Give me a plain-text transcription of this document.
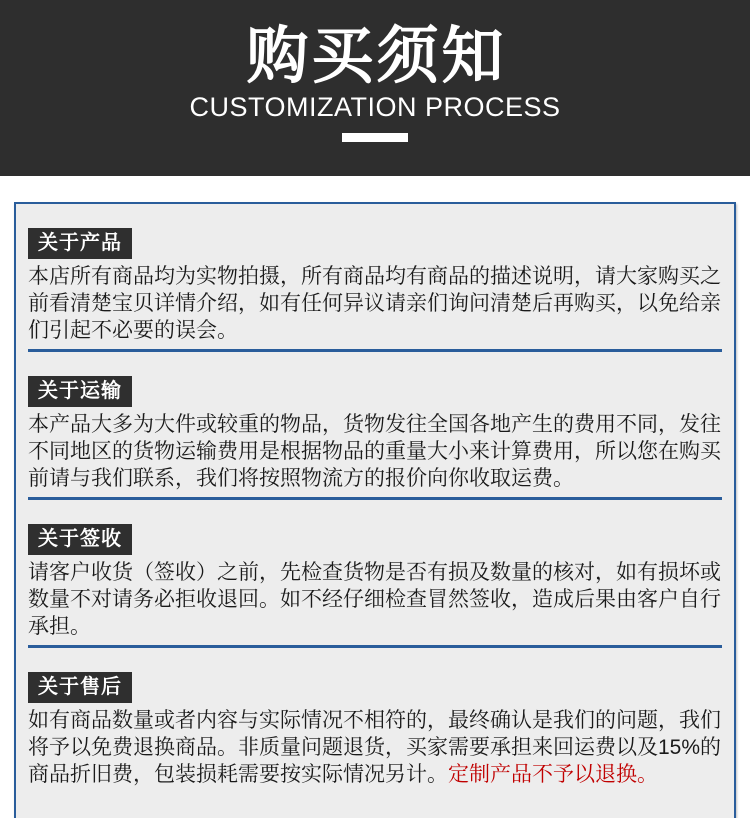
购买须知
CUSTOMIZATION PROCESS
关于产品

本店所有商品均为实物拍摄，所有商品均有商品的描述说明，请大家购买之前看清楚宝贝详情介绍，如有任何异议请亲们询问清楚后再购买，以免给亲们引起不必要的误会。

关于运输

本产品大多为大件或较重的物品，货物发往全国各地产生的费用不同，发往不同地区的货物运输费用是根据物品的重量大小来计算费用，所以您在购买前请与我们联系，我们将按照物流方的报价向你收取运费。

关于签收

请客户收货（签收）之前，先检查货物是否有损及数量的核对，如有损坏或数量不对请务必拒收退回。如不经仔细检查冒然签收，造成后果由客户自行承担。

关于售后

如有商品数量或者内容与实际情况不相符的，最终确认是我们的问题，我们将予以免费退换商品。非质量问题退货，买家需要承担来回运费以及15%的商品折旧费，包装损耗需要按实际情况另计。定制产品不予以退换。
